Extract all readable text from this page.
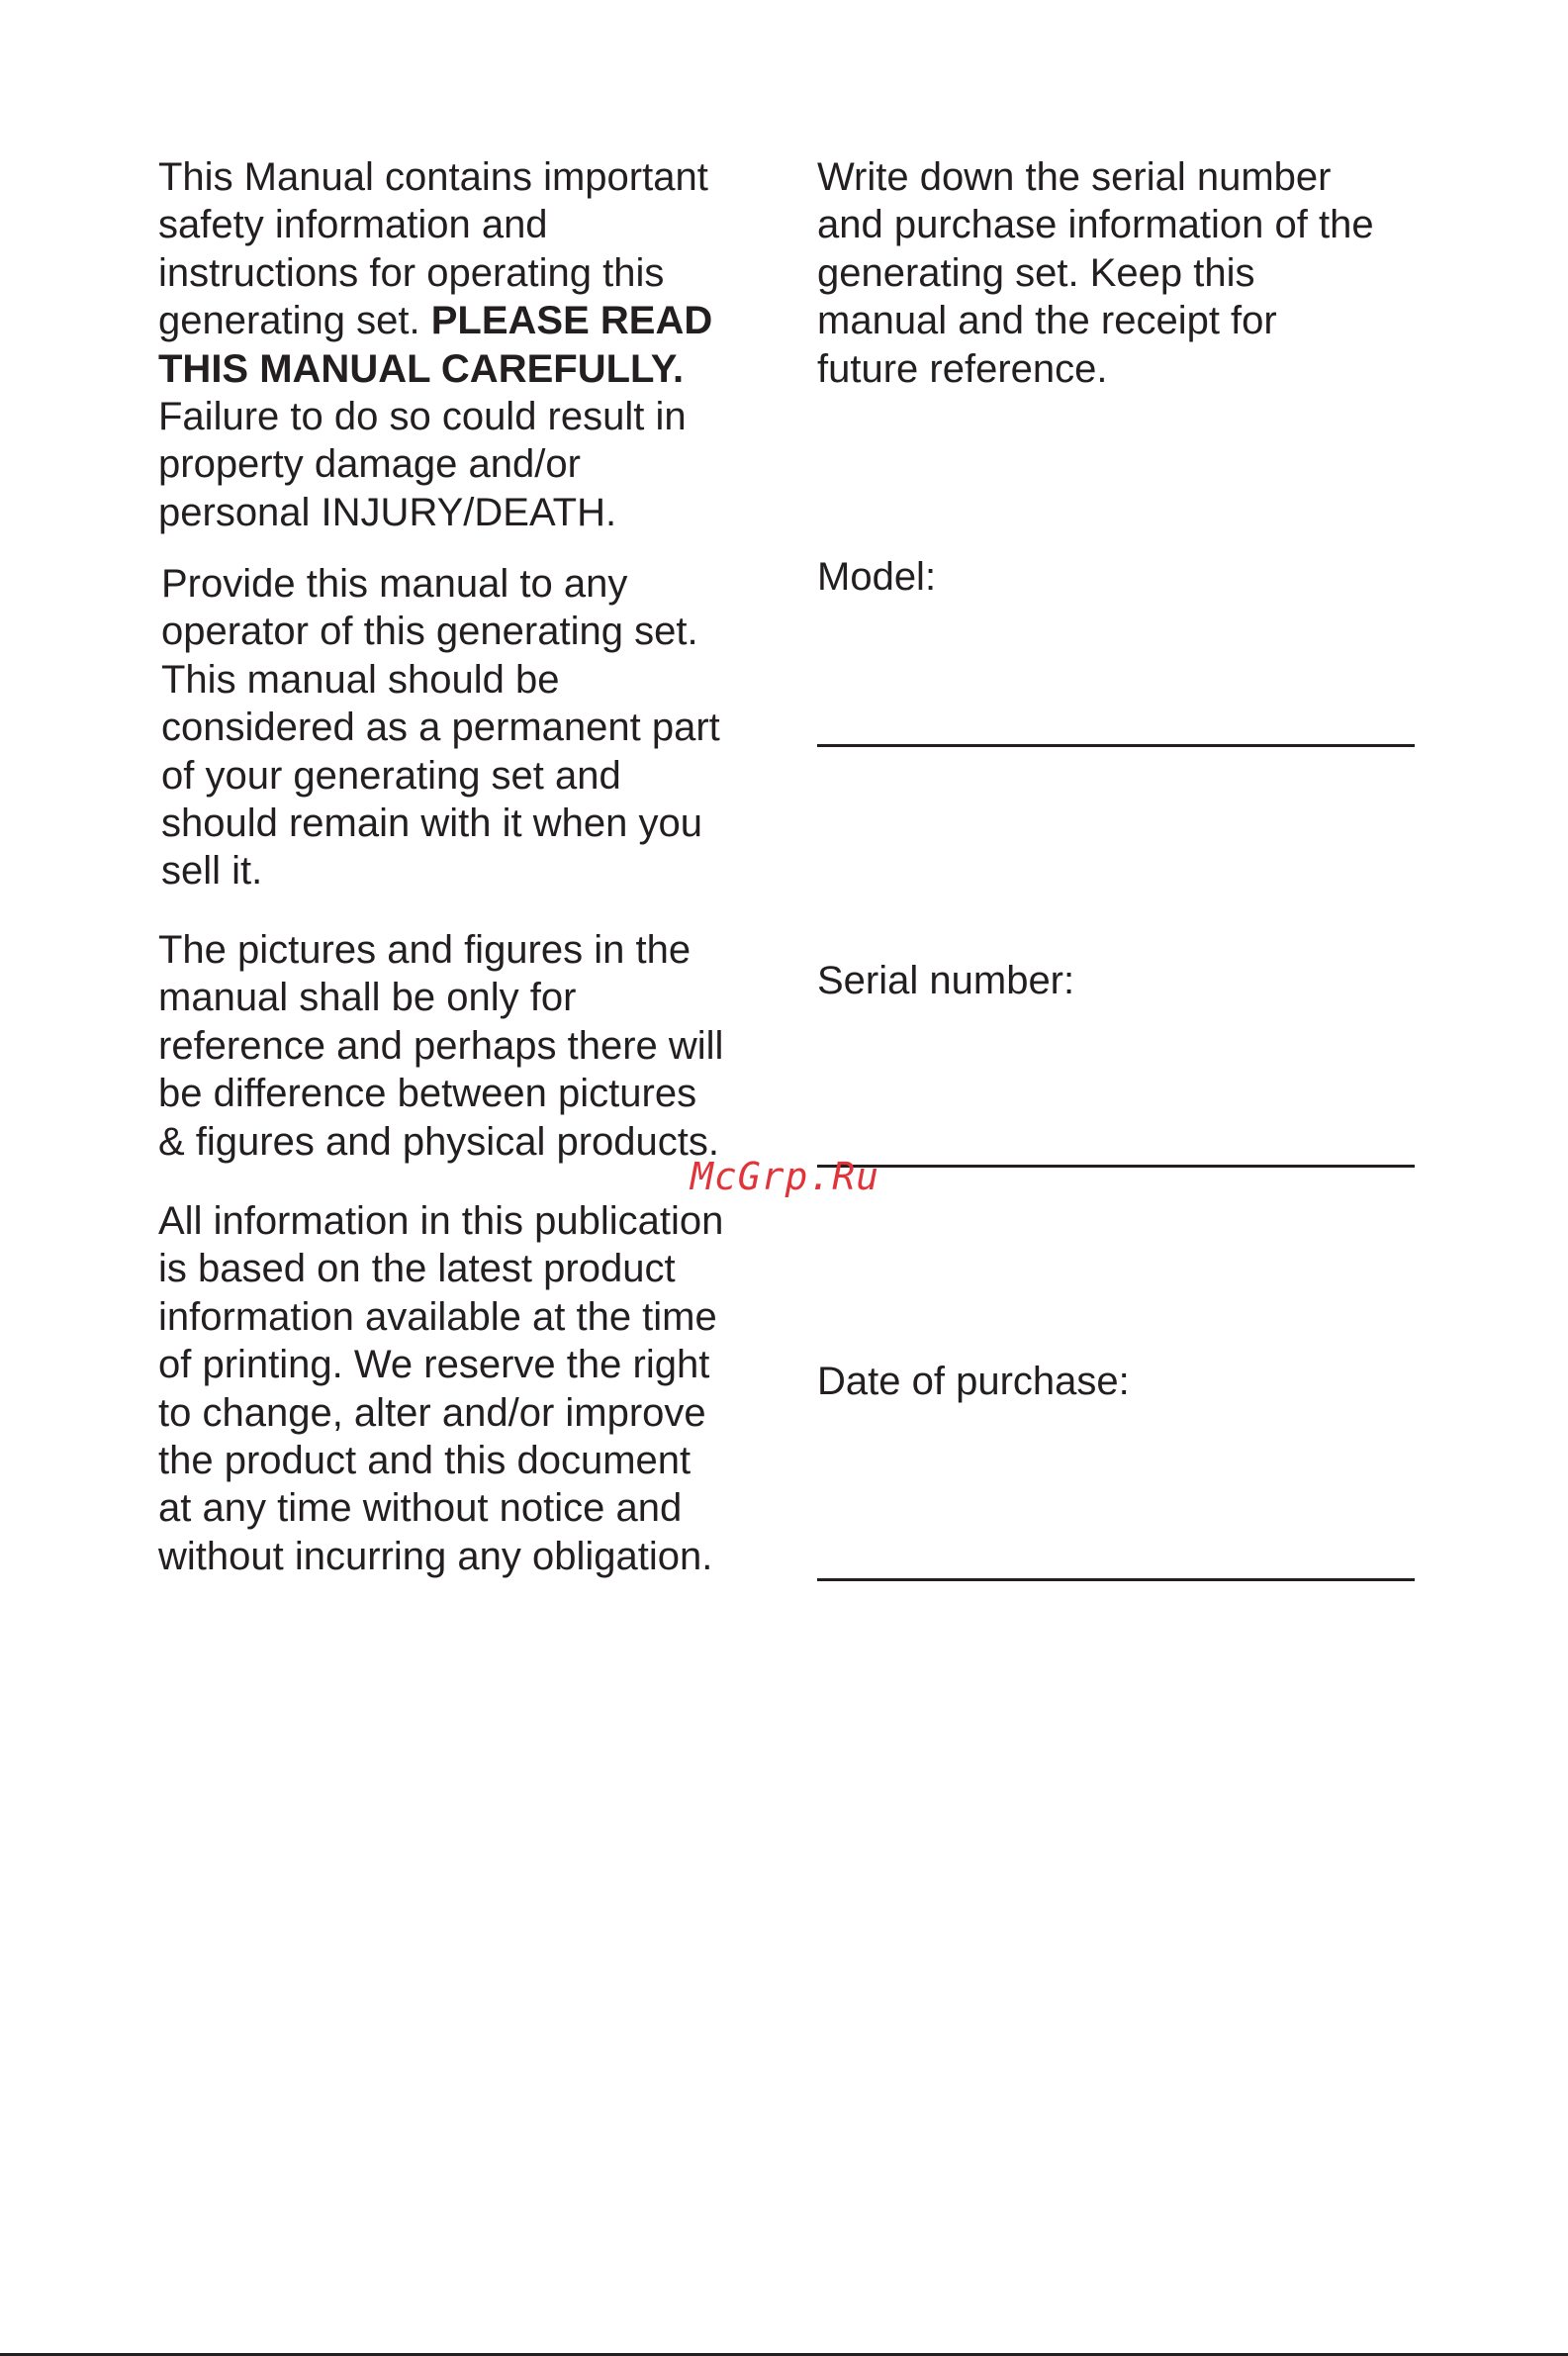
This Manual contains important
safety information and
instructions for operating this
generating set. PLEASE READ
THIS MANUAL CAREFULLY.
Failure to do so could result in
property damage and/or
personal INJURY/DEATH.

Provide this manual to any
operator of this generating set.
This manual should be
considered as a permanent part
of your generating set and
should remain with it when you
sell it.

The pictures and figures in the
manual shall be only for
reference and perhaps there will
be difference between pictures
& figures and physical products.

All information in this publication
is based on the latest product
information available at the time
of printing. We reserve the right
to change, alter and/or improve
the product and this document
at any time without notice and
without incurring any obligation.

Write down the serial number
and purchase information of the
generating set. Keep this
manual and the receipt for
future reference.

Model:

Serial number:

Date of purchase:

McGrp.Ru
